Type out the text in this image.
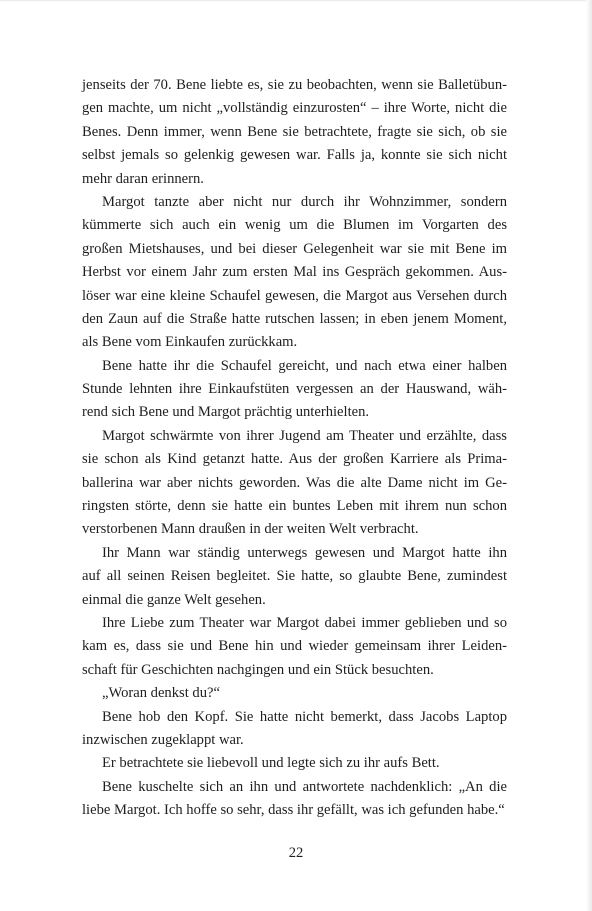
jenseits der 70. Bene liebte es, sie zu beobachten, wenn sie Balletübun-
gen machte, um nicht „vollständig einzurosten“ – ihre Worte, nicht die
Benes. Denn immer, wenn Bene sie betrachtete, fragte sie sich, ob sie
selbst jemals so gelenkig gewesen war. Falls ja, konnte sie sich nicht
mehr daran erinnern.
Margot tanzte aber nicht nur durch ihr Wohnzimmer, sondern
kümmerte sich auch ein wenig um die Blumen im Vorgarten des
großen Mietshauses, und bei dieser Gelegenheit war sie mit Bene im
Herbst vor einem Jahr zum ersten Mal ins Gespräch gekommen. Aus-
löser war eine kleine Schaufel gewesen, die Margot aus Versehen durch
den Zaun auf die Straße hatte rutschen lassen; in eben jenem Moment,
als Bene vom Einkaufen zurückkam.
Bene hatte ihr die Schaufel gereicht, und nach etwa einer halben
Stunde lehnten ihre Einkaufstüten vergessen an der Hauswand, wäh-
rend sich Bene und Margot prächtig unterhielten.
Margot schwärmte von ihrer Jugend am Theater und erzählte, dass
sie schon als Kind getanzt hatte. Aus der großen Karriere als Prima-
ballerina war aber nichts geworden. Was die alte Dame nicht im Ge-
ringsten störte, denn sie hatte ein buntes Leben mit ihrem nun schon
verstorbenen Mann draußen in der weiten Welt verbracht.
Ihr Mann war ständig unterwegs gewesen und Margot hatte ihn
auf all seinen Reisen begleitet. Sie hatte, so glaubte Bene, zumindest
einmal die ganze Welt gesehen.
Ihre Liebe zum Theater war Margot dabei immer geblieben und so
kam es, dass sie und Bene hin und wieder gemeinsam ihrer Leiden-
schaft für Geschichten nachgingen und ein Stück besuchten.
„Woran denkst du?“
Bene hob den Kopf. Sie hatte nicht bemerkt, dass Jacobs Laptop
inzwischen zugeklappt war.
Er betrachtete sie liebevoll und legte sich zu ihr aufs Bett.
Bene kuschelte sich an ihn und antwortete nachdenklich: „An die
liebe Margot. Ich hoffe so sehr, dass ihr gefällt, was ich gefunden habe.“
22
